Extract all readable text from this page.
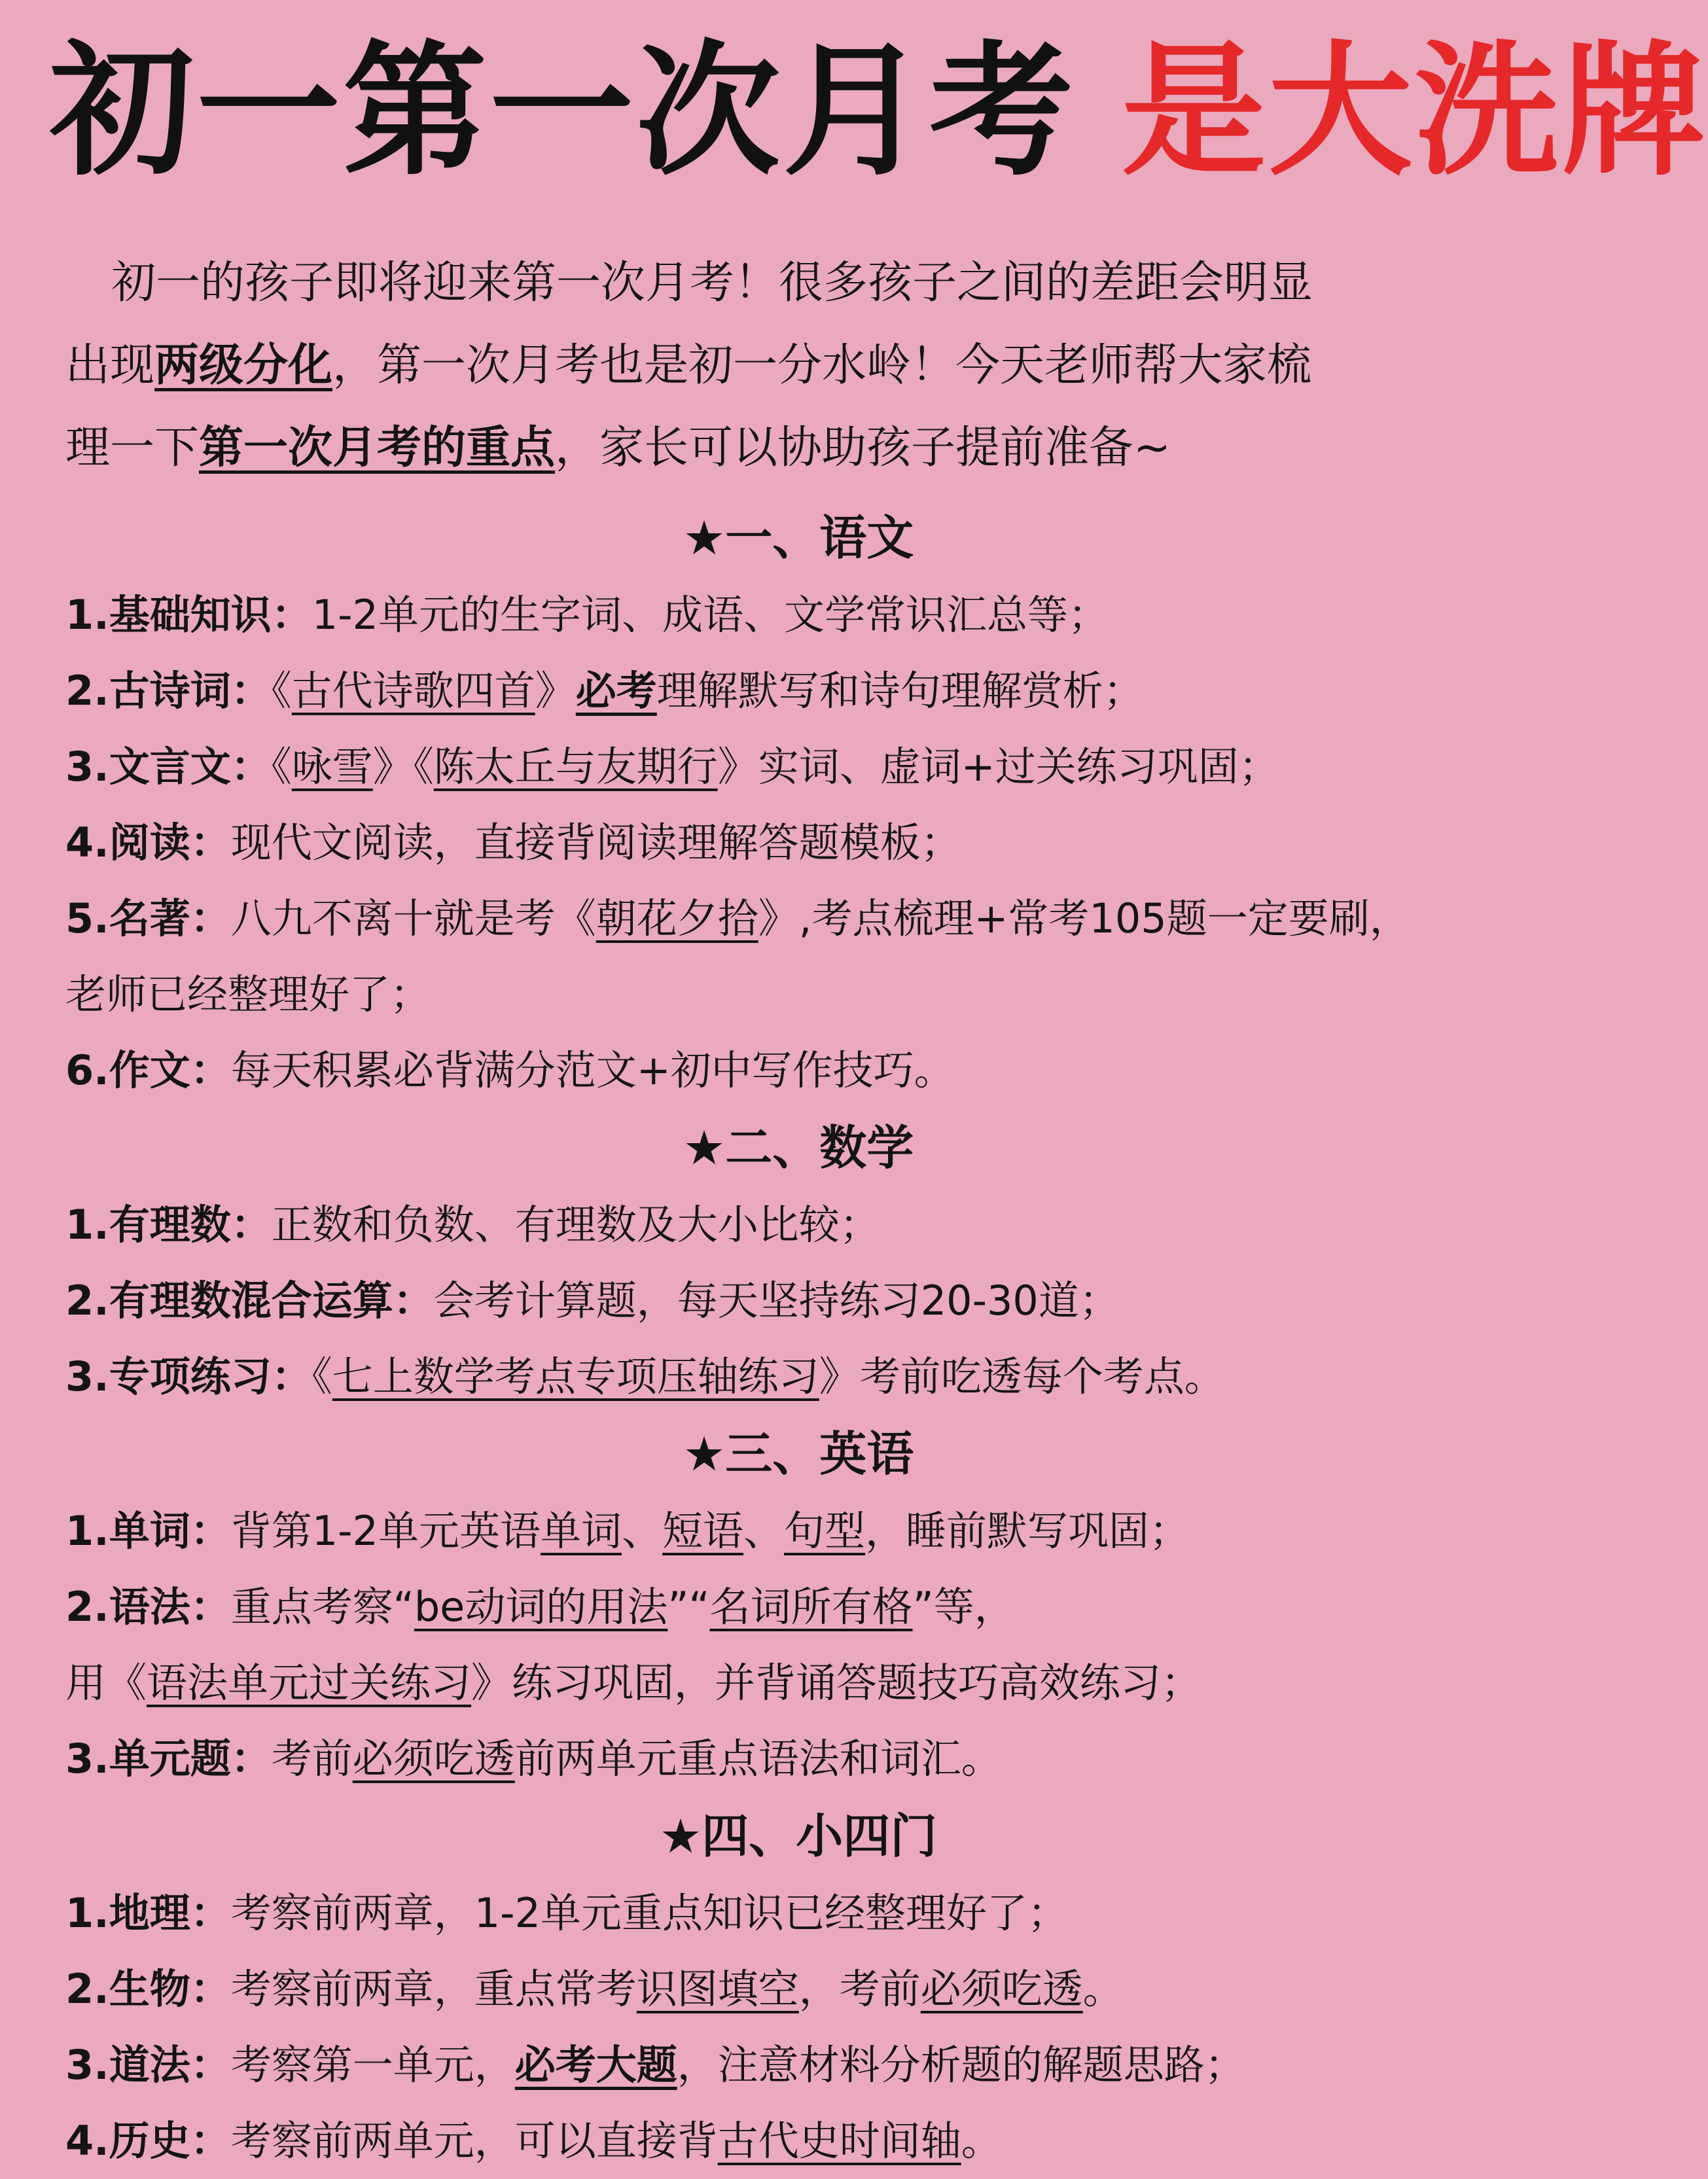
初一第一次月考 是大洗牌
初一的孩子即将迎来第一次月考！很多孩子之间的差距会明显
出现两级分化，第一次月考也是初一分水岭！今天老师帮大家梳
理一下第一次月考的重点，家长可以协助孩子提前准备~
★一、语文
1.基础知识：1-2单元的生字词、成语、文学常识汇总等；
2.古诗词：《古代诗歌四首》必考理解默写和诗句理解赏析；
3.文言文：《咏雪》《陈太丘与友期行》实词、虚词+过关练习巩固；
4.阅读：现代文阅读，直接背阅读理解答题模板；
5.名著：八九不离十就是考《朝花夕拾》,考点梳理+常考105题一定要刷，
老师已经整理好了；
6.作文：每天积累必背满分范文+初中写作技巧。
★二、数学
1.有理数：正数和负数、有理数及大小比较；
2.有理数混合运算：会考计算题，每天坚持练习20-30道；
3.专项练习：《七上数学考点专项压轴练习》考前吃透每个考点。
★三、英语
1.单词：背第1-2单元英语单词、短语、句型，睡前默写巩固；
2.语法：重点考察“be动词的用法”“名词所有格”等，
用《语法单元过关练习》练习巩固，并背诵答题技巧高效练习；
3.单元题：考前必须吃透前两单元重点语法和词汇。
★四、小四门
1.地理：考察前两章，1-2单元重点知识已经整理好了；
2.生物：考察前两章，重点常考识图填空，考前必须吃透。
3.道法：考察第一单元，必考大题，注意材料分析题的解题思路；
4.历史：考察前两单元，可以直接背古代史时间轴。
